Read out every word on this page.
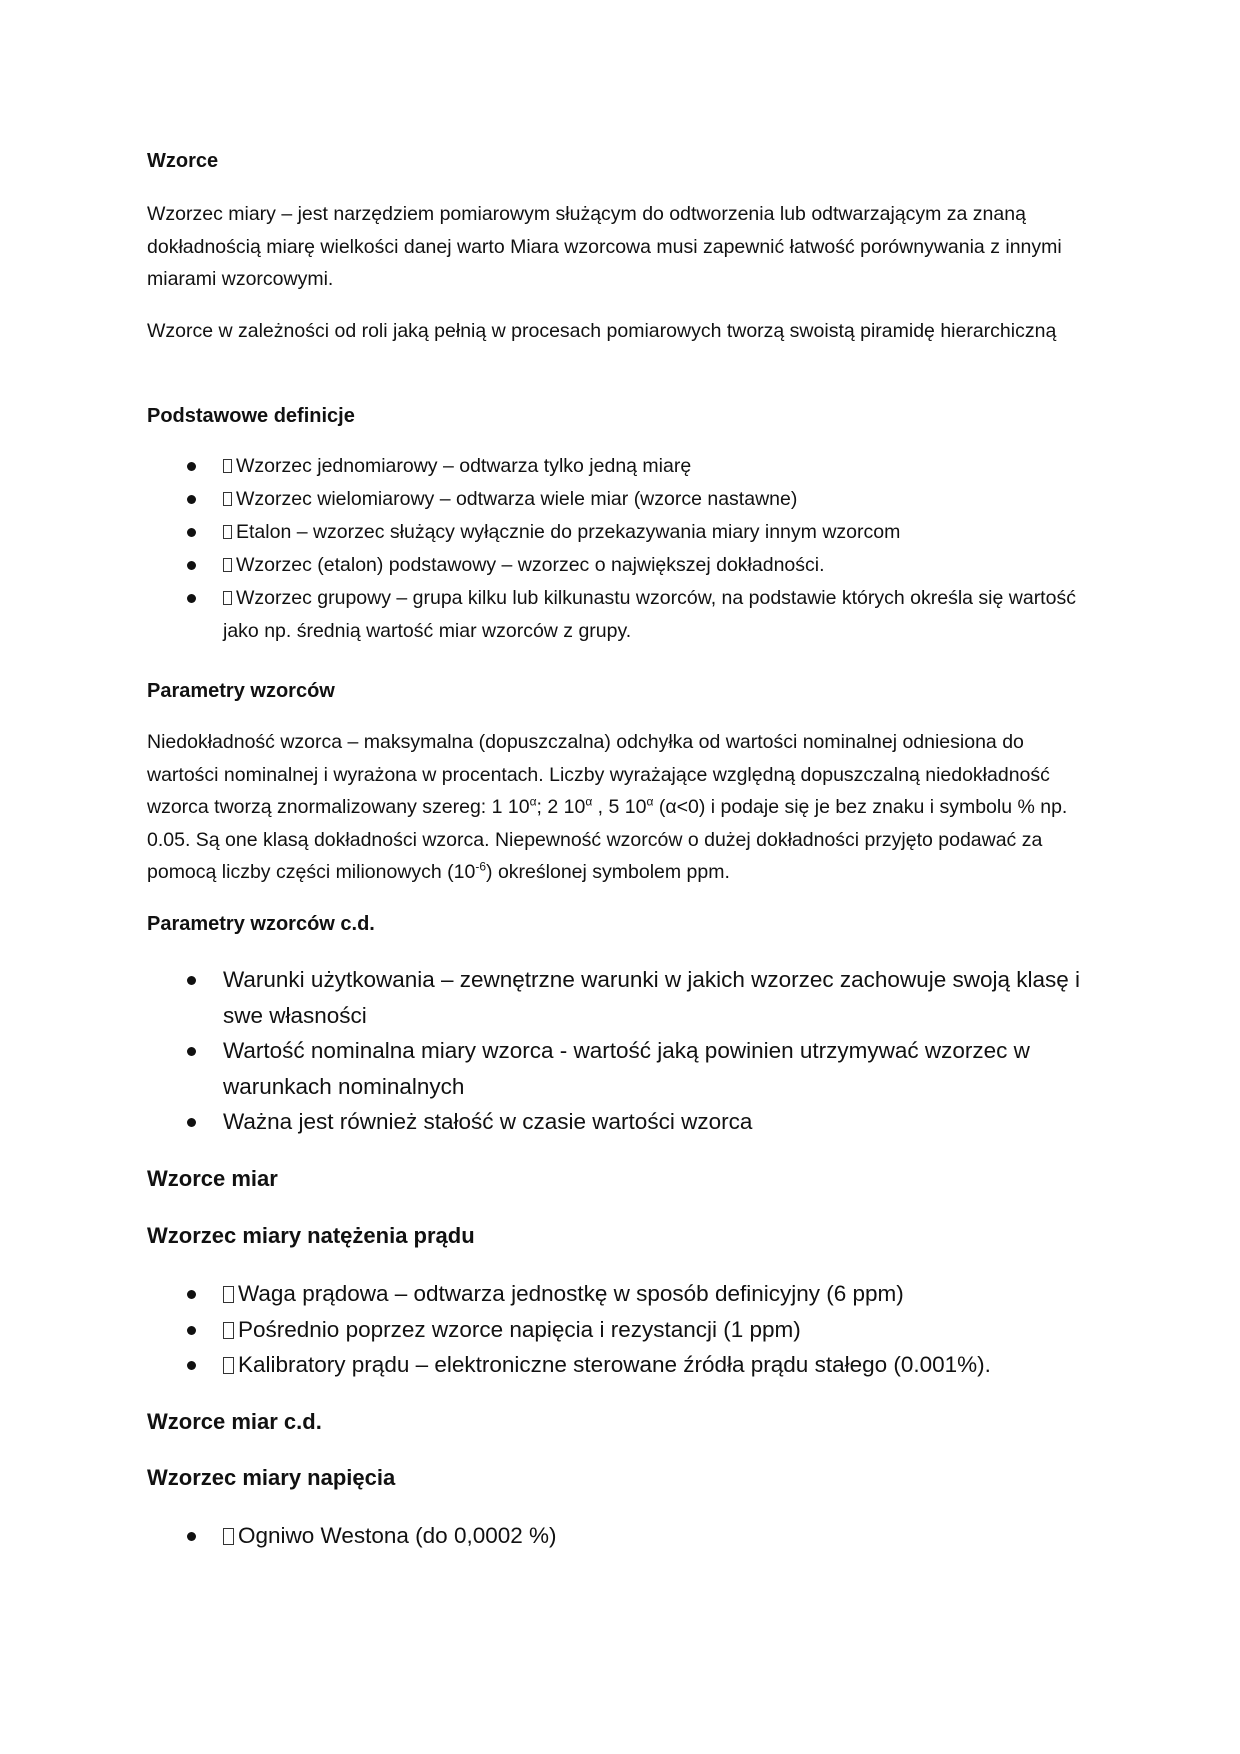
Wzorce

Wzorzec miary – jest narzędziem pomiarowym służącym do odtworzenia lub odtwarzającym za znaną dokładnością miarę wielkości danej warto Miara wzorcowa musi zapewnić łatwość porównywania z innymi miarami wzorcowymi.

Wzorce w zależności od roli jaką pełnią w procesach pomiarowych tworzą swoistą piramidę hierarchiczną

Podstawowe definicje

Wzorzec jednomiarowy – odtwarza tylko jedną miarę
Wzorzec wielomiarowy – odtwarza wiele miar (wzorce nastawne)
Etalon – wzorzec służący wyłącznie do przekazywania miary innym wzorcom
Wzorzec (etalon) podstawowy – wzorzec o największej dokładności.
Wzorzec grupowy – grupa kilku lub kilkunastu wzorców, na podstawie których określa się wartość jako np. średnią wartość miar wzorców z grupy.

Parametry wzorców

Niedokładność wzorca – maksymalna (dopuszczalna) odchyłka od wartości nominalnej odniesiona do wartości nominalnej i wyrażona w procentach. Liczby wyrażające względną dopuszczalną niedokładność wzorca tworzą znormalizowany szereg: 1 $10^\alpha$; 2 $10^\alpha$ , 5 $10^\alpha$ (α<0) i podaje się je bez znaku i symbolu % np. 0.05. Są one klasą dokładności wzorca. Niepewność wzorców o dużej dokładności przyjęto podawać za pomocą liczby części milionowych $(10^{-6})$ określonej symbolem ppm.

Parametry wzorców c.d.

Warunki użytkowania – zewnętrzne warunki w jakich wzorzec zachowuje swoją klasę i swe własności
Wartość nominalna miary wzorca - wartość jaką powinien utrzymywać wzorzec w warunkach nominalnych
Ważna jest również stałość w czasie wartości wzorca

Wzorce miar

Wzorzec miary natężenia prądu

Waga prądowa – odtwarza jednostkę w sposób definicyjny (6 ppm)
Pośrednio poprzez wzorce napięcia i rezystancji (1 ppm)
Kalibratory prądu – elektroniczne sterowane źródła prądu stałego (0.001%).

Wzorce miar c.d.

Wzorzec miary napięcia

Ogniwo Westona (do 0,0002 %)
